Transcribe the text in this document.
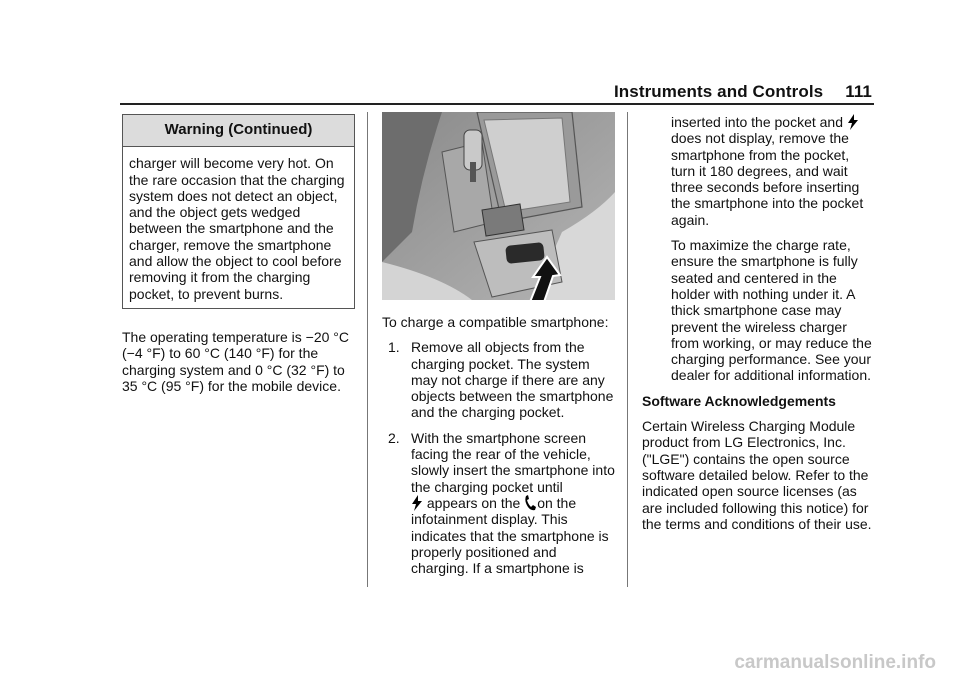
Instruments and Controls 111
Warning (Continued)
charger will become very hot. On the rare occasion that the charging system does not detect an object, and the object gets wedged between the smartphone and the charger, remove the smartphone and allow the object to cool before removing it from the charging pocket, to prevent burns.

The operating temperature is −20 °C (−4 °F) to 60 °C (140 °F) for the charging system and 0 °C (32 °F) to 35 °C (95 °F) for the mobile device.

To charge a compatible smartphone:

1. Remove all objects from the charging pocket. The system may not charge if there are any objects between the smartphone and the charging pocket.
2. With the smartphone screen facing the rear of the vehicle, slowly insert the smartphone into the charging pocket until
appears on the on the infotainment display. This indicates that the smartphone is properly positioned and charging. If a smartphone is

inserted into the pocket and
does not display, remove the smartphone from the pocket, turn it 180 degrees, and wait three seconds before inserting the smartphone into the pocket again.

To maximize the charge rate, ensure the smartphone is fully seated and centered in the holder with nothing under it. A thick smartphone case may prevent the wireless charger from working, or may reduce the charging performance. See your dealer for additional information.

Software Acknowledgements

Certain Wireless Charging Module product from LG Electronics, Inc. ("LGE") contains the open source software detailed below. Refer to the indicated open source licenses (as are included following this notice) for the terms and conditions of their use.

carmanualsonline.info
